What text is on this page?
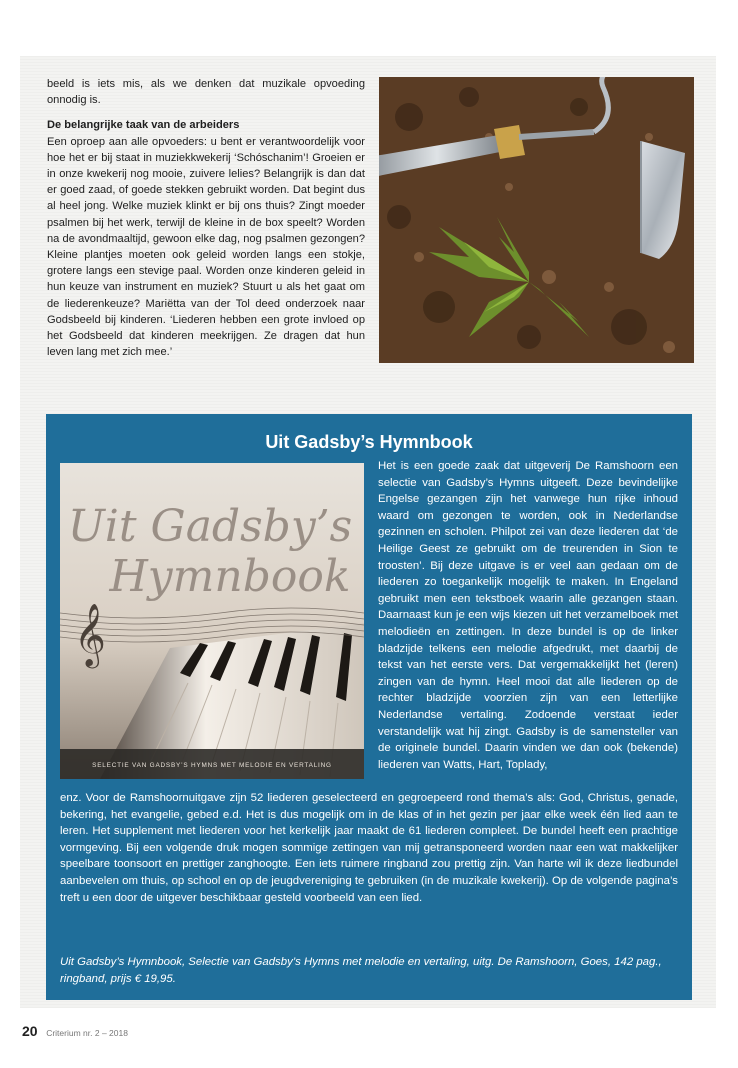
beeld is iets mis, als we denken dat muzikale opvoeding onnodig is.

De belangrijke taak van de arbeiders

Een oproep aan alle opvoeders: u bent er verantwoordelijk voor hoe het er bij staat in muziekkwekerij ‘Schóschanim’! Groeien er in onze kwekerij nog mooie, zuivere lelies? Belangrijk is dan dat er goed zaad, of goede stekken gebruikt worden. Dat begint dus al heel jong. Welke muziek klinkt er bij ons thuis? Zingt moeder psalmen bij het werk, terwijl de kleine in de box speelt? Worden na de avondmaaltijd, gewoon elke dag, nog psalmen gezongen? Kleine plantjes moeten ook geleid worden langs een stokje, grotere langs een stevige paal. Worden onze kinderen geleid in hun keuze van instrument en muziek? Stuurt u als het gaat om de liederenkeuze? Mariëtta van der Tol deed onderzoek naar Godsbeeld bij kinderen. ‘Liederen hebben een grote invloed op het Godsbeeld dat kinderen meekrijgen. Ze dragen dat hun leven lang met zich mee.’

Uit Gadsby’s Hymnbook
𝄞
Uit Gadsby’s
Hymnbook
SELECTIE VAN GADSBY’S HYMNS MET MELODIE EN VERTALING

Het is een goede zaak dat uitgeverij De Ramshoorn een selectie van Gadsby’s Hymns uitgeeft. Deze bevindelijke Engelse gezangen zijn het vanwege hun rijke inhoud waard om gezongen te worden, ook in Nederlandse gezinnen en scholen. Philpot zei van deze liederen dat ‘de Heilige Geest ze gebruikt om de treurenden in Sion te troosten’. Bij deze uitgave is er veel aan gedaan om de liederen zo toegankelijk mogelijk te maken. In Engeland gebruikt men een tekstboek waarin alle gezangen staan. Daarnaast kun je een wijs kiezen uit het verzamelboek met melodieën en zettingen. In deze bundel is op de linker bladzijde telkens een melodie afgedrukt, met daarbij de tekst van het eerste vers. Dat vergemakkelijkt het (leren) zingen van de hymn. Heel mooi dat alle liederen op de rechter bladzijde voorzien zijn van een letterlijke Nederlandse vertaling. Zodoende verstaat ieder verstandelijk wat hij zingt. Gadsby is de samensteller van de originele bundel. Daarin vinden we dan ook (bekende) liederen van Watts, Hart, Toplady,

enz. Voor de Ramshoornuitgave zijn 52 liederen geselecteerd en gegroepeerd rond thema’s als: God, Christus, genade, bekering, het evangelie, gebed e.d. Het is dus mogelijk om in de klas of in het gezin per jaar elke week één lied aan te leren. Het supplement met liederen voor het kerkelijk jaar maakt de 61 liederen compleet. De bundel heeft een prachtige vormgeving. Bij een volgende druk mogen sommige zettingen van mij getransponeerd worden naar een wat makkelijker speelbare toonsoort en prettiger zanghoogte. Een iets ruimere ringband zou prettig zijn. Van harte wil ik deze liedbundel aanbevelen om thuis, op school en op de jeugdvereniging te gebruiken (in de muzikale kwekerij). Op de volgende pagina’s treft u een door de uitgever beschikbaar gesteld voorbeeld van een lied.

Uit Gadsby’s Hymnbook, Selectie van Gadsby’s Hymns met melodie en vertaling, uitg. De Ramshoorn, Goes, 142 pag., ringband, prijs € 19,95.

20 Criterium nr. 2 – 2018
